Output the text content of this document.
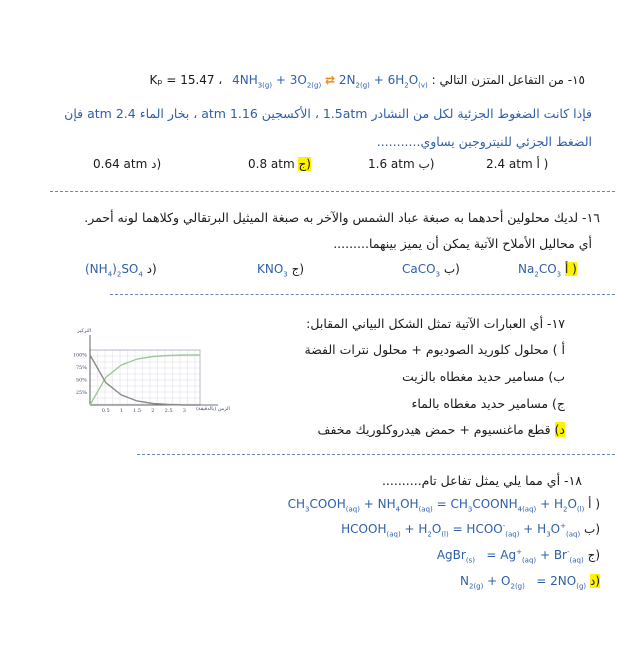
١٥- من التفاعل المتزن التالي : Kₚ = 15.47 ، $4NH_{3(g)} + 3O_{2(g)}$ ⇄ $2N_{2(g)} + 6H_2O_{(v)}$
فإذا كانت الضغوط الجزئية لكل من النشادر 1.5atm ، الأكسجين 1.16 atm ، بخار الماء 2.4 atm فإن
الضغط الجزئي للنيتروجين يساوي...........
2.4 atm أ )
1.6 atm ب)
0.8 atm ج)
0.64 atm د)
١٦- لديك محلولين أحدهما به صبغة عباد الشمس والآخر به صبغة الميثيل البرتقالي وكلاهما لونه أحمر.
أي محاليل الأملاح الآتية يمكن أن يميز بينهما.........
$Na_2CO_3$ أ )
CaCO$_3$ ب)
$KNO_3$ ج)
$(NH_4)_2SO_4$ د)
١٧- أي العبارات الآتية تمثل الشكل البياني المقابل:
أ ) محلول كلوريد الصوديوم + محلول نترات الفضة
ب) مسامير حديد مغطاه بالزيت
ج) مسامير حديد مغطاه بالماء
د) قطع ماغنسيوم + حمض هيدروكلوريك مخفف
100%
75%
50%
25%
0.5 1 1.5 2 2.5 3
التركيز
الزمن (بالدقيقة)
١٨- أي مما يلي يمثل تفاعل تام..........
$CH_3COOH_{(aq)} + NH_4OH_{(aq)}$ = $CH_3COONH_{4(aq)} + H_2O_{(l)}$ أ )
$HCOOH_{(aq)} + H_2O_{(l)}$ = $HCOO^-_{(aq)} + H_3O^+_{(aq)}$ ب)
AgBr$_{(s)}$   = $Ag^+_{(aq)} + Br^-_{(aq)}$ ج)
$N_{2(g)} + O_{2(g)} = 2NO_{(g)}$ د)
